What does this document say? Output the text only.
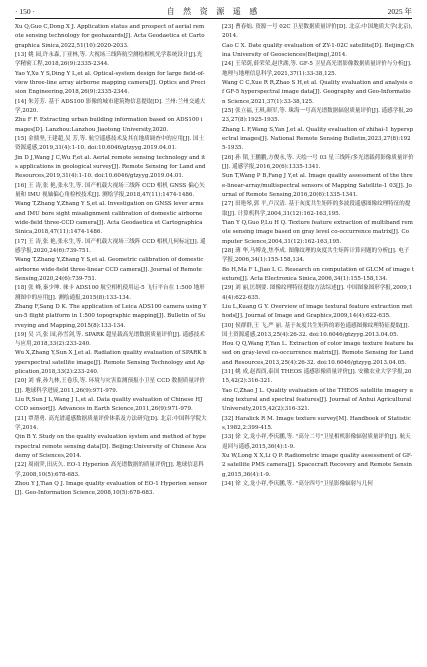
· 150 ·	自 然 资 源 遥 感	2025 年
Xu Q,Guo C,Dong X J. Application status and prospect of aerial remote sensing technology for geohazards[J]. Acta Geodaetica et Cartographica Sinica,2022,51(10):2020-2033.
[13] 姚 园,许永森,丁亚林,等. 大视场三线阵航空测绘相机光学系统设计[J].光学精密工程,2018,26(9):2335-2344.
Yao Y,Xu Y S,Ding Y L,et al. Optical-system design for large field-of-view three-line array airborne mapping camera[J]. Optics and Precision Engineering,2018,26(9):2335-2344.
[14] 朱芳芳. 基于 ADS100 影像的城市建筑物信息提取[D]. 兰州:兰州交通大学,2020.
Zhu F F. Extracting urban building information based on ADS100 images[D]. Lanzhou:Lanzhou Jiaotong University,2020.
[15] 金鼎坚,王建超,吴 芳,等. 航空遥感技术及其在地质调查中的应用[J]. 国土资源遥感,2019,31(4):1-10. doi:10.6046/gtzyyg.2019.04.01.
Jin D J,Wang J C,Wu F,et al. Aerial remote sensing technology and its applications in geological survey[J]. Remote Sensing for Land and Resources,2019,31(4):1-10. doi:10.6046/gtzyyg.2019.04.01.
[16] 王 涛,张 艳,张永生,等. 国产机载大视场三线阵 CCD 相机 GNSS 偏心矢量和 IMU 视轴偏心角检校技术[J]. 测绘学报,2018,47(11):1474-1486.
Wang T,Zhang Y,Zhang Y S,et al. Investigation on GNSS lever arms and IMU bore sight misalignment calibration of domestic airborne wide-field three-CCD camera[J]. Acta Geodaetica et Cartographica Sinica,2018,47(11):1474-1486.
[17] 王 涛,张 艳,张永生,等. 国产机载大视场三线阵 CCD 相机几何标定[J]. 遥感学报,2020,24(6):739-751.
Wang T,Zhang Y,Zhang Y S,et al. Geometric calibration of domestic airborne wide-field three-linear CCD camera[J]. Journal of Remote Sensing,2020,24(6):739-751.
[18] 张 峰,秦少坤. 徕卡 ADS100 航空相机使用运-5 飞行平台在 1:500 地形测图中的应用[J]. 测绘通报,2015(8):133-134.
Zhang F,Sang D K. The application of Leica ADS100 camera using Yun-5 flight platform in 1:500 topographic mapping[J]. Bulletin of Surveying and Mapping,2015(8):133-134.
[19] 吴 兴,张 园,孙雪剑,等. SPARK 超星载高光谱数据质量评价[J]. 遥感技术与应用,2018,33(2):233-240.
Wu X,Zhang Y,Sun X J,et al. Radiation quality evaluation of SPARK hyperspectral satellite image[J]. Remote Sensing Technology and Application,2018,33(2):233-240.
[20] 刘 睿,孙九林,王卷乐,等. 环境与灾害监测预报小卫星 CCD 数据质量评价[J]. 地球科学进展,2011,26(9):971-979.
Liu R,Sun J L,Wang J L,et al. Data quality evaluation of Chinese HJ CCD sensor[J]. Advances in Earth Science,2011,26(9):971-979.
[21] 覃帮勇. 高光谱遥感数据质量评价体系及方法研究[D]. 北京:中国科学院大学,2014.
Qin B Y. Study on the quality evaluation system and method of hyperspectral remote sensing data[D]. Beijing:University of Chinese Academy of Sciences,2014.
[22] 周雨霁,田庆久. EO-1 Hyperion 高光谱数据的质量评价[J]. 地球信息科学,2008,10(5):678-683.
Zhou Y J,Tian Q J. Image quality evaluation of EO-1 Hyperion sensor[J]. Geo-Information Science,2008,10(5):678-683.
[23] 曹春灿. 资源一号 02C 卫星数据质量评价[D]. 北京:中国地质大学(北京),2014.
Cao C X. Date quality evaluation of ZY-1-02C satellite[D]. Beijing:China University of Geosciences(Beijing),2014.
[24] 王荣荫,薛荣荣,赵世湖,等. GF-5 卫星高光谱影像数据质量评价与分析[J]. 地理与地理信息科学,2021,37(1):33-38,125.
Wang C C,Xue R R,Zhao S H,et al. Quality evaluation and analysis of GF-5 hyperspectral image data[J]. Geography and Geo-Information Science,2021,37(1):33-38,125.
[25] 张立福,王琪,颜军,等. 珠海一号高光谱数据辐射质量评价[J]. 遥感学报,2023,27(8):1925-1935.
Zhang L F,Wang S,Yan J,et al. Quality evaluation of zhihai-1 hyperspectral images[J]. National Remote Sensing Bulletin,2023,27(8):1925-1935.
[26] 孙 韬,王鹏鹏,方俊永,等. 天绘一号 03 星三线阵/多光谱载荷影像质量评价[J]. 遥感学报,2016,20(6):1335-1341.
Sun T,Wang P B,Fang J Y,et al. Image quality assessment of the three-linear-array/multispectral sensors of Mapping Satellite-1 03[J]. Journal of Remote Sensing,2016,20(6):1335-1341.
[27] 田艳琴,郭 平,卢汉清. 基于灰度共生矩阵的多波段遥感图像纹理特征的提取[J]. 计算机科学,2004,31(12):162-163,195.
Tian Y Q,Guo P,Lu H Q. Texture feature extraction of multiband remote sensing image based on gray level co-occurrence matrix[J]. Computer Science,2004,31(12):162-163,195.
[28] 薄 华,马缚龙,焦李成. 图像纹理的灰度共生矩阵计算问题的分析[J]. 电子学报,2006,34(1):155-158,134.
Bo H,Ma F L,Jiao L C. Research on computation of GLCM of image texture[J]. Acta Electronica Sinica,2006,34(1):155-158,134.
[29] 刘 丽,匡纲要. 图像纹理特征提取方法综述[J]. 中国图象图形学报,2009,14(4):622-635.
Liu L,Kuang G Y. Overview of image textural feature extraction methods[J]. Journal of Image and Graphics,2009,14(4):622-635.
[30] 侯群群,王 飞,严 丽. 基于灰度共生矩阵的彩色遥感图像纹理特征提取[J]. 国土资源遥感,2013,25(4):26-32. doi:10.6046/gtzyyg.2013.04.05.
Hou Q Q,Wang F,Yan L. Extraction of color image texture feature based on gray-level co-occurrence matrix[J]. Remote Sensing for Land and Resources,2013,25(4):26-32. doi:10.6046/gtzyyg.2013.04.05.
[31] 姚 成,赵酉酉,泰国 THEOS 遥感影像质量评价[J]. 安徽农业大学学报,2015,42(2):316-321.
Yao C,Zhao J L. Quality evaluation of the THEOS satellite imagery using textural and spectral features[J]. Journal of Anhui Agricultural University,2015,42(2):316-321.
[32] Haralick R M. Image texture survey[M]. Handbook of Statistics,1982,2:399-415.
[33] 徐 文,龙小祥,李庆鹏,等. "高分二号"卫星相机影像辐射质量评价[J]. 航天返回与遥感,2015,36(4):1-9.
Xu W,Long X X,Li Q P. Radiometric image quality assessment of GF-2 satellite PMS camera[J]. Spacecraft Recovery and Remote Sensing,2015,36(4):1-9.
[34] 徐 文,龙小祥,李庆鹏,等. "高分四号"卫星影像辐射与几何
